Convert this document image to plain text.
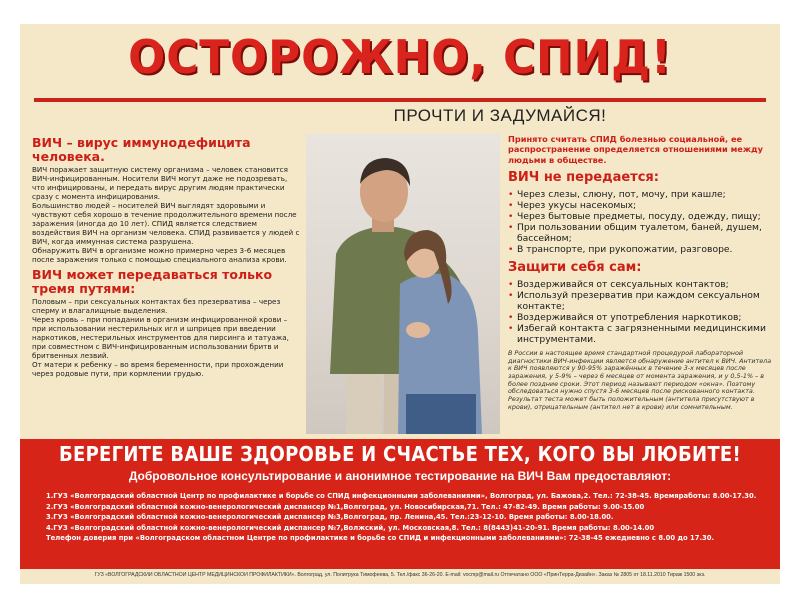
ОСТОРОЖНО, СПИД!
ПРОЧТИ И ЗАДУМАЙСЯ!
ВИЧ – вирус иммунодефицита человека.

ВИЧ поражает защитную систему организма – человек становится ВИЧ-инфицированным. Носители ВИЧ могут даже не подозревать, что инфицированы, и передать вирус другим людям практически сразу с момента инфицирования.

Большинство людей – носителей ВИЧ выглядят здоровыми и чувствуют себя хорошо в течение продолжительного времени после заражения (иногда до 10 лет). СПИД является следствием воздействия ВИЧ на организм человека. СПИД развивается у людей с ВИЧ, когда иммунная система разрушена.

Обнаружить ВИЧ в организме можно примерно через 3-6 месяцев после заражения только с помощью специального анализа крови.

ВИЧ может передаваться только тремя путями:

Половым – при сексуальных контактах без презерватива – через сперму и влагалищные выделения.

Через кровь – при попадании в организм инфицированной крови – при использовании нестерильных игл и шприцев при введении наркотиков, нестерильных инструментов для пирсинга и татуажа, при совместном с ВИЧ-инфицированным использовании бритв и бритвенных лезвий.

От матери к ребенку – во время беременности, при прохождении через родовые пути, при кормлении грудью.

Принято считать СПИД болезнью социальной, ее распространение определяется отношениями между людьми в обществе.
ВИЧ не передается:
• Через слезы, слюну, пот, мочу, при кашле;
• Через укусы насекомых;
• Через бытовые предметы, посуду, одежду, пищу;
• При пользовании общим туалетом, баней, душем, бассейном;
• В транспорте, при рукопожатии, разговоре.
Защити себя сам:
• Воздерживайся от сексуальных контактов;
• Используй презерватив при каждом сексуальном контакте;
• Воздерживайся от употребления наркотиков;
• Избегай контакта с загрязненными медицинскими инструментами.

В России в настоящее время стандартной процедурой лабораторной диагностики ВИЧ-инфекции является обнаружение антител к ВИЧ. Антитела к ВИЧ появляются у 90-95% заражённых в течение 3-х месяцев после заражения, у 5-9% – через 6 месяцев от момента заражения, и у 0,5-1% – в более поздние сроки. Этот период называют периодом «окна». Поэтому обследоваться нужно спустя 3-6 месяцев после рискованного контакта.

Результат теста может быть положительным (антитела присутствуют в крови), отрицательным (антител нет в крови) или сомнительным.

БЕРЕГИТЕ ВАШЕ ЗДОРОВЬЕ И СЧАСТЬЕ ТЕХ, КОГО ВЫ ЛЮБИТЕ!
Добровольное консультирование и анонимное тестирование на ВИЧ Вам предоставляют:
1.ГУЗ «Волгоградский областной Центр по профилактике и борьбе со СПИД инфекционными заболеваниями», Волгоград, ул. Бажова,2. Тел.: 72-38-45. Времяработы: 8.00-17.30.
2.ГУЗ «Волгоградский областной кожно-венерологический диспансер №1,Волгоград, ул. Новосибирская,71. Тел.: 47-82-49. Время работы: 9.00-15.00
3.ГУЗ «Волгоградский областной кожно-венерологический диспансер №3,Волгоград, пр. Ленина,45. Тел.:23-12-10. Время работы: 8.00-18.00.
4.ГУЗ «Волгоградский областной кожно-венерологический диспансер №7,Волжский, ул. Московская,8. Тел.: 8(8443)41-20-91. Время работы: 8.00-14.00
Телефон доверия при «Волгоградском областном Центре по профилактике и борьбе со СПИД и инфекционными заболеваниями»: 72-38-45 ежедневно с 8.00 до 17.30.
ГУЗ «ВОЛГОГРАДСКИЙ ОБЛАСТНОЙ ЦЕНТР МЕДИЦИНСКОЙ ПРОФИЛАКТИКИ». Волгоград, ул. Политрука Тимофеева, 5. Тел./факс 36-26-20. E-mail: vocmp@mail.ru Отпечатано ООО «ПринТерра-Дизайн». Заказ № 2805 от 18.11.2010 Тираж 1500 экз.
